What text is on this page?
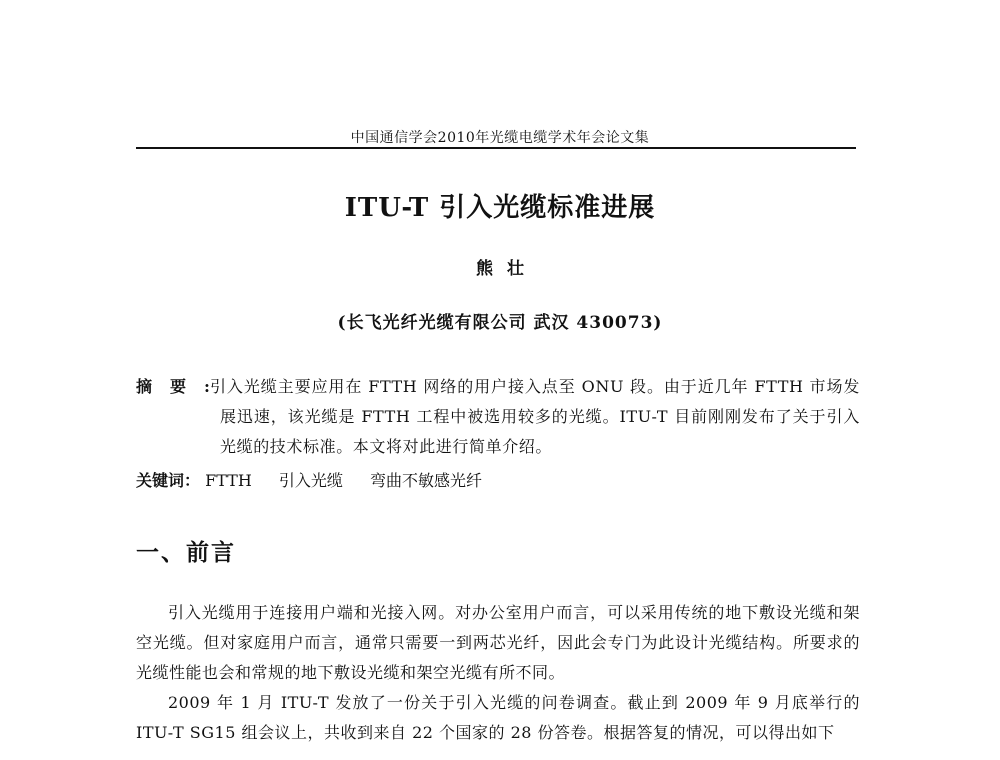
中国通信学会2010年光缆电缆学术年会论文集
ITU-T 引入光缆标准进展
熊壮
(长飞光纤光缆有限公司 武汉 430073)
摘要:
引入光缆主要应用在 FTTH 网络的用户接入点至 ONU 段。由于近几年 FTTH 市场发展迅速，该光缆是 FTTH 工程中被选用较多的光缆。ITU-T 目前刚刚发布了关于引入光缆的技术标准。本文将对此进行简单介绍。
关键词： FTTH 引入光缆 弯曲不敏感光纤
一、前言

引入光缆用于连接用户端和光接入网。对办公室用户而言，可以采用传统的地下敷设光缆和架空光缆。但对家庭用户而言，通常只需要一到两芯光纤，因此会专门为此设计光缆结构。所要求的光缆性能也会和常规的地下敷设光缆和架空光缆有所不同。

2009 年 1 月 ITU-T 发放了一份关于引入光缆的问卷调查。截止到 2009 年 9 月底举行的 ITU-T SG15 组会议上，共收到来自 22 个国家的 28 份答卷。根据答复的情况，可以得出如下
